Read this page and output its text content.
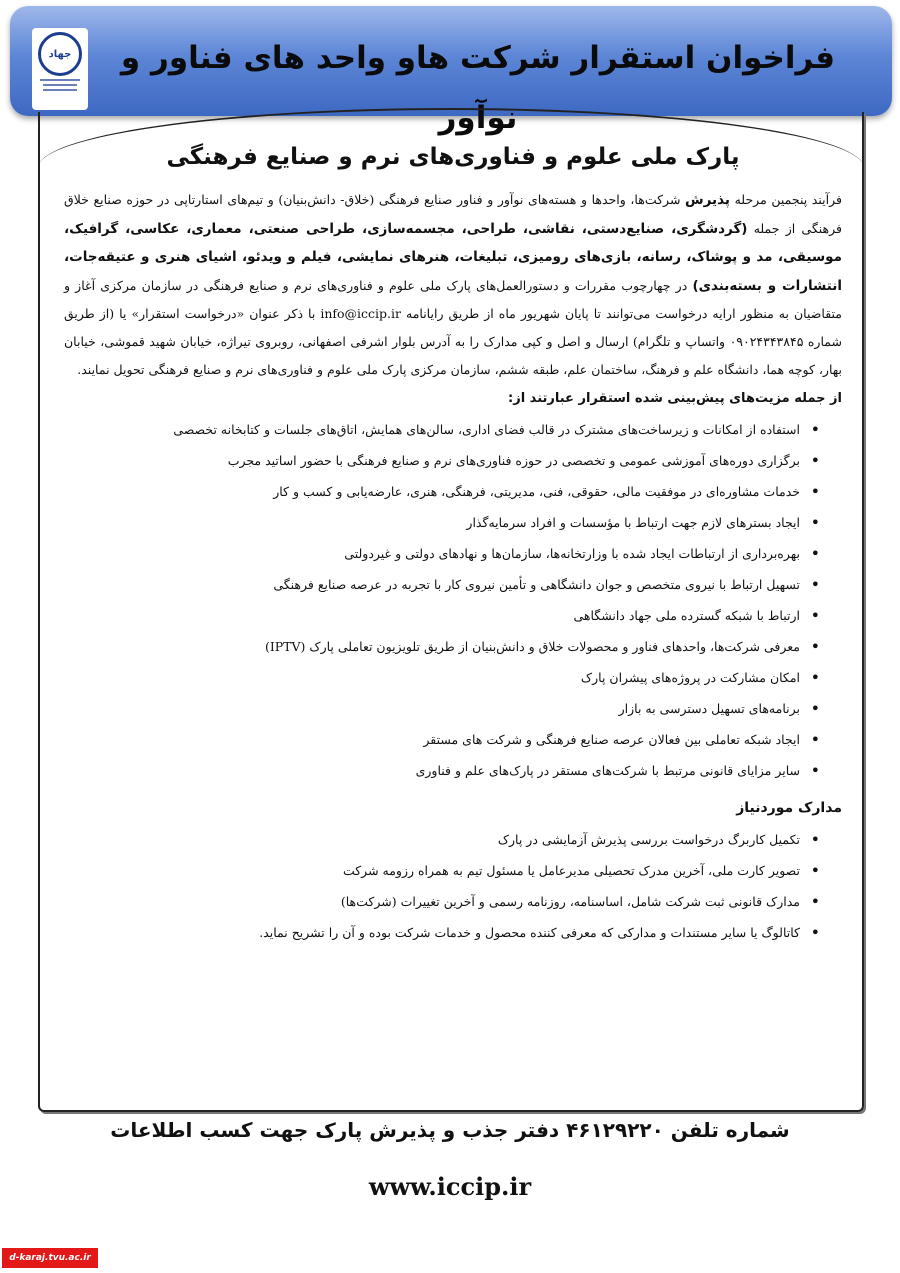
جهاد	فراخوان استقرار شرکت هاو واحد های فناور و نوآور
پارک ملی علوم و فناوری‌های نرم و صنایع فرهنگی

فرآیند پنجمین مرحله پذیرش شرکت‌ها، واحدها و هسته‌های نوآور و فناور صنایع فرهنگی (خلاق- دانش‌بنیان) و تیم‌های استارتاپی در حوزه صنایع خلاق فرهنگی از جمله (گردشگری، صنایع‌دستی، نقاشی، طراحی، مجسمه‌سازی، طراحی صنعتی، معماری، عکاسی، گرافیک، موسیقی، مد و پوشاک، رسانه، بازی‌های رومیزی، تبلیغات، هنرهای نمایشی، فیلم و ویدئو، اشیای هنری و عتیقه‌جات، انتشارات و بسته‌بندی) در چهارچوب مقررات و دستورالعمل‌های پارک ملی علوم و فناوری‌های نرم و صنایع فرهنگی در سازمان مرکزی آغاز و متقاضیان به منظور ارایه درخواست می‌توانند تا پایان شهریور ماه از طریق رایانامه info@iccip.ir با ذکر عنوان «درخواست استقرار» یا (از طریق شماره ۰۹۰۲۴۳۴۳۸۴۵ واتساپ و تلگرام) ارسال و اصل و کپی مدارک را به آدرس بلوار اشرفی اصفهانی، روبروی تیراژه، خیابان شهید قموشی، خیابان بهار، کوچه هما، دانشگاه علم و فرهنگ، ساختمان علم، طبقه ششم، سازمان مرکزی پارک ملی علوم و فناوری‌های نرم و صنایع فرهنگی تحویل نمایند.

از جمله مزیت‌های پیش‌بینی شده استقرار عبارتند از:
• استفاده از امکانات و زیرساخت‌های مشترک در قالب فضای اداری، سالن‌های همایش، اتاق‌های جلسات و کتابخانه تخصصی
• برگزاری دوره‌های آموزشی عمومی و تخصصی در حوزه فناوری‌های نرم و صنایع فرهنگی با حضور اساتید مجرب
• خدمات مشاوره‌ای در موفقیت مالی، حقوقی، فنی، مدیریتی، فرهنگی، هنری، عارضه‌یابی و کسب و کار
• ایجاد بسترهای لازم جهت ارتباط با مؤسسات و افراد سرمایه‌گذار
• بهره‌برداری از ارتباطات ایجاد شده با وزارتخانه‌ها، سازمان‌ها و نهادهای دولتی و غیردولتی
• تسهیل ارتباط با نیروی متخصص و جوان دانشگاهی و تأمین نیروی کار با تجربه در عرصه صنایع فرهنگی
• ارتباط با شبکه گسترده ملی جهاد دانشگاهی
• معرفی شرکت‌ها، واحدهای فناور و محصولات خلاق و دانش‌بنیان از طریق تلویزیون تعاملی پارک (IPTV)
• امکان مشارکت در پروژه‌های پیشران پارک
• برنامه‌های تسهیل دسترسی به بازار
• ایجاد شبکه تعاملی بین فعالان عرصه صنایع فرهنگی و شرکت های مستقر
• سایر مزایای قانونی مرتبط با شرکت‌های مستقر در پارک‌های علم و فناوری
مدارک موردنیاز
• تکمیل کاربرگ درخواست بررسی پذیرش آزمایشی در پارک
• تصویر کارت ملی، آخرین مدرک تحصیلی مدیرعامل یا مسئول تیم به همراه رزومه شرکت
• مدارک قانونی ثبت شرکت شامل، اساسنامه، روزنامه رسمی و آخرین تغییرات (شرکت‌ها)
• کاتالوگ یا سایر مستندات و مدارکی که معرفی کننده محصول و خدمات شرکت بوده و آن را تشریح نماید.
شماره تلفن ۴۶۱۲۹۲۲۰ دفتر جذب و پذیرش پارک جهت کسب اطلاعات
www.iccip.ir
d-karaj.tvu.ac.ir
